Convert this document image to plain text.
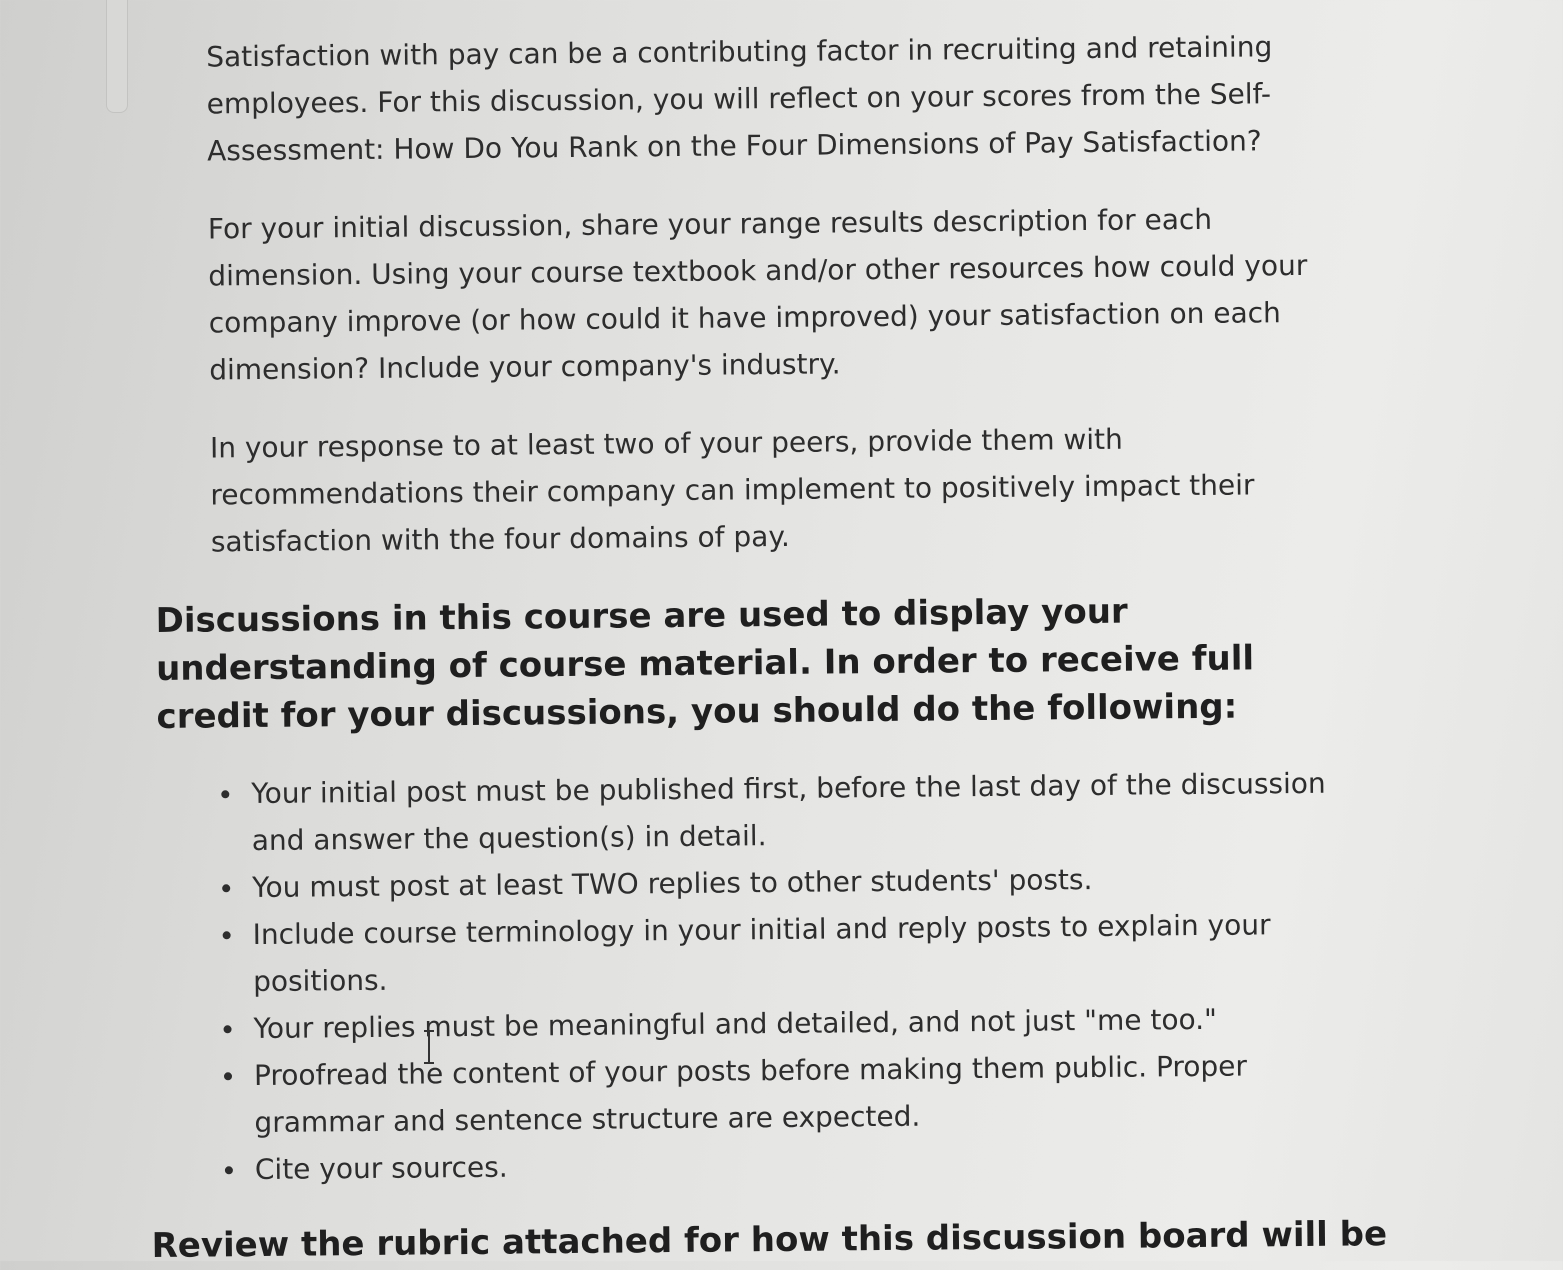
Satisfaction with pay can be a contributing factor in recruiting and retaining employees. For this discussion, you will reflect on your scores from the Self-Assessment: How Do You Rank on the Four Dimensions of Pay Satisfaction?

For your initial discussion, share your range results description for each dimension. Using your course textbook and/or other resources how could your company improve (or how could it have improved) your satisfaction on each dimension? Include your company's industry.

In your response to at least two of your peers, provide them with recommendations their company can implement to positively impact their satisfaction with the four domains of pay.

Discussions in this course are used to display your understanding of course material. In order to receive full credit for your discussions, you should do the following:
Your initial post must be published first, before the last day of the discussion and answer the question(s) in detail.
You must post at least TWO replies to other students' posts.
Include course terminology in your initial and reply posts to explain your positions.
Your replies must be meaningful and detailed, and not just "me too."
Proofread the content of your posts before making them public. Proper grammar and sentence structure are expected.
Cite your sources.
Review the rubric attached for how this discussion board will be
